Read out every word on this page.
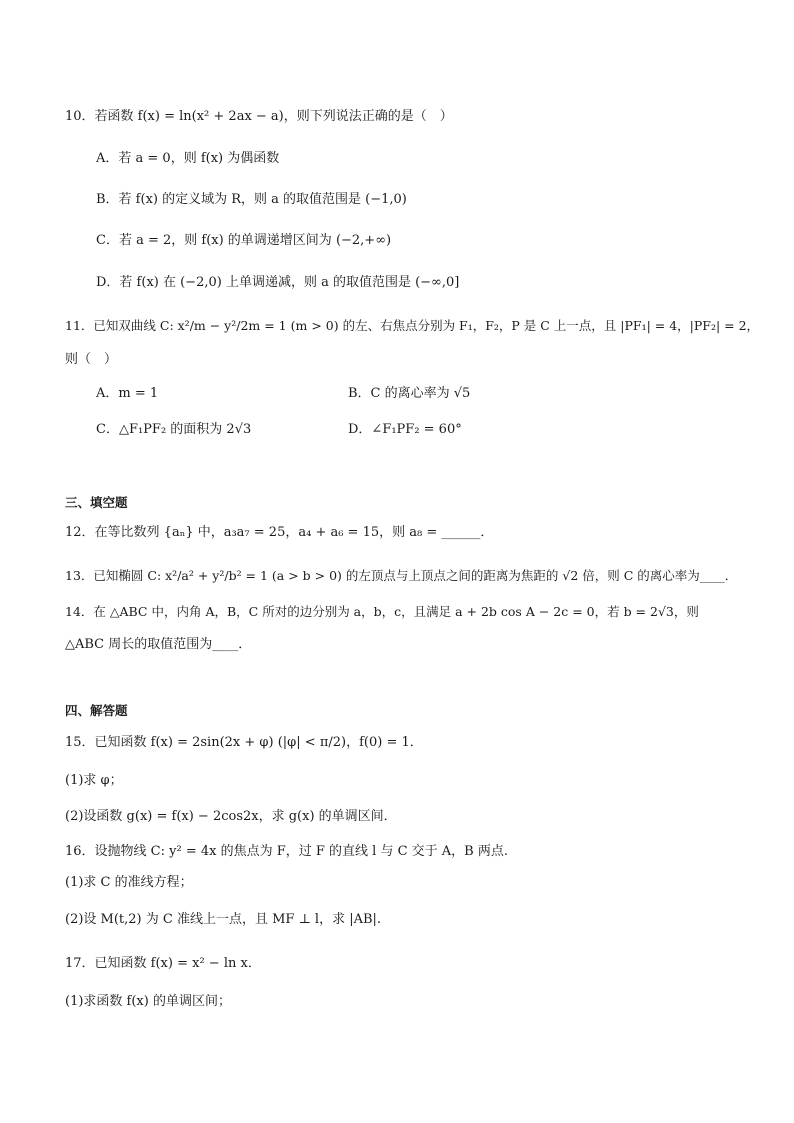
10．若函数 f(x) = ln(x² + 2ax − a)，则下列说法正确的是（　）
A．若 a = 0，则 f(x) 为偶函数
B．若 f(x) 的定义域为 R，则 a 的取值范围是 (−1,0)
C．若 a = 2，则 f(x) 的单调递增区间为 (−2,+∞)
D．若 f(x) 在 (−2,0) 上单调递减，则 a 的取值范围是 (−∞,0]
11．已知双曲线 C: x²/m − y²/2m = 1 (m > 0) 的左、右焦点分别为 F₁，F₂，P 是 C 上一点，且 |PF₁| = 4，|PF₂| = 2，
则（　）
A．m = 1	B．C 的离心率为 √5
C．△F₁PF₂ 的面积为 2√3	D．∠F₁PF₂ = 60°
三、填空题
12．在等比数列 {aₙ} 中，a₃a₇ = 25，a₄ + a₆ = 15，则 a₈ = ______．
13．已知椭圆 C: x²/a² + y²/b² = 1 (a > b > 0) 的左顶点与上顶点之间的距离为焦距的 √2 倍，则 C 的离心率为____．
14．在 △ABC 中，内角 A，B，C 所对的边分别为 a，b，c，且满足 a + 2b cos A − 2c = 0，若 b = 2√3，则
△ABC 周长的取值范围为____．
四、解答题
15．已知函数 f(x) = 2sin(2x + φ) (|φ| < π/2)，f(0) = 1．
(1)求 φ；
(2)设函数 g(x) = f(x) − 2cos2x，求 g(x) 的单调区间．
16．设抛物线 C: y² = 4x 的焦点为 F，过 F 的直线 l 与 C 交于 A，B 两点.
(1)求 C 的准线方程；
(2)设 M(t,2) 为 C 准线上一点，且 MF ⊥ l，求 |AB|.
17．已知函数 f(x) = x² − ln x．
(1)求函数 f(x) 的单调区间；
